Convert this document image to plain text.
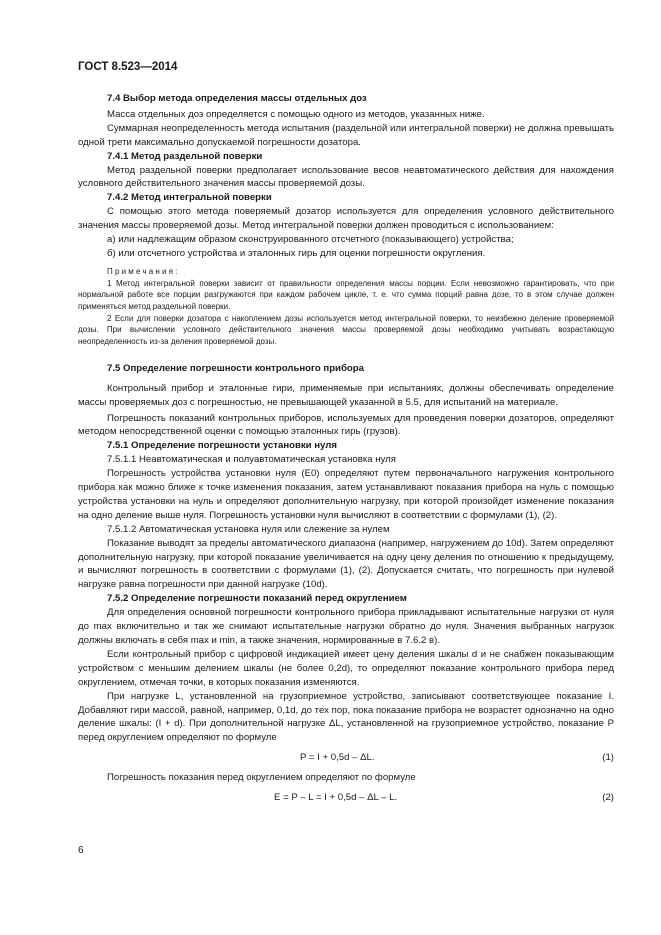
ГОСТ 8.523—2014

7.4 Выбор метода определения массы отдельных доз

Масса отдельных доз определяется с помощью одного из методов, указанных ниже.

Суммарная неопределенность метода испытания (раздельной или интегральной поверки) не должна превышать одной трети максимально допускаемой погрешности дозатора.

7.4.1 Метод раздельной поверки

Метод раздельной поверки предполагает использование весов неавтоматического действия для нахождения условного действительного значения массы проверяемой дозы.

7.4.2 Метод интегральной поверки

С помощью этого метода поверяемый дозатор используется для определения условного действительного значения массы проверяемой дозы. Метод интегральной поверки должен проводиться с использованием:

а) или надлежащим образом сконструированного отсчетного (показывающего) устройства;

б) или отсчетного устройства и эталонных гирь для оценки погрешности округления.

Примечания:

1 Метод интегральной поверки зависит от правильности определения массы порции. Если невозможно гарантировать, что при нормальной работе все порции разгружаются при каждом рабочем цикле, т. е. что сумма порций равна дозе, то в этом случае должен применяться метод раздельной поверки.

2 Если для поверки дозатора с накоплением дозы используется метод интегральной поверки, то неизбежно деление проверяемой дозы. При вычислении условного действительного значения массы проверяемой дозы необходимо учитывать возрастающую неопределенность из-за деления проверяемой дозы.

7.5 Определение погрешности контрольного прибора

Контрольный прибор и эталонные гири, применяемые при испытаниях, должны обеспечивать определение массы проверяемых доз с погрешностью, не превышающей указанной в 5.5, для испытаний на материале.

Погрешность показаний контрольных приборов, используемых для проведения поверки дозаторов, определяют методом непосредственной оценки с помощью эталонных гирь (грузов).

7.5.1 Определение погрешности установки нуля

7.5.1.1 Неавтоматическая и полуавтоматическая установка нуля

Погрешность устройства установки нуля (E0) определяют путем первоначального нагружения контрольного прибора как можно ближе к точке изменения показания, затем устанавливают показания прибора на нуль с помощью устройства установки на нуль и определяют дополнительную нагрузку, при которой произойдет изменение показания на одно деление выше нуля. Погрешность установки нуля вычисляют в соответствии с формулами (1), (2).

7.5.1.2 Автоматическая установка нуля или слежение за нулем

Показание выводят за пределы автоматического диапазона (например, нагружением до 10d). Затем определяют дополнительную нагрузку, при которой показание увеличивается на одну цену деления по отношению к предыдущему, и вычисляют погрешность в соответствии с формулами (1), (2). Допускается считать, что погрешность при нулевой нагрузке равна погрешности при данной нагрузке (10d).

7.5.2 Определение погрешности показаний перед округлением

Для определения основной погрешности контрольного прибора прикладывают испытательные нагрузки от нуля до max включительно и так же снимают испытательные нагрузки обратно до нуля. Значения выбранных нагрузок должны включать в себя max и min, а также значения, нормированные в 7.6.2 в).

Если контрольный прибор с цифровой индикацией имеет цену деления шкалы d и не снабжен показывающим устройством с меньшим делением шкалы (не более 0,2d), то определяют показание контрольного прибора перед округлением, отмечая точки, в которых показания изменяются.

При нагрузке L, установленной на грузоприемное устройство, записывают соответствующее показание I. Добавляют гири массой, равной, например, 0,1d, до тех пор, пока показание прибора не возрастет однозначно на одно деление шкалы: (I + d). При дополнительной нагрузке ΔL, установленной на грузоприемное устройство, показание P перед округлением определяют по формуле

P = I + 0,5d – ΔL.	(1)

Погрешность показания перед округлением определяют по формуле

E = P – L = I + 0,5d – ΔL – L.	(2)
6
